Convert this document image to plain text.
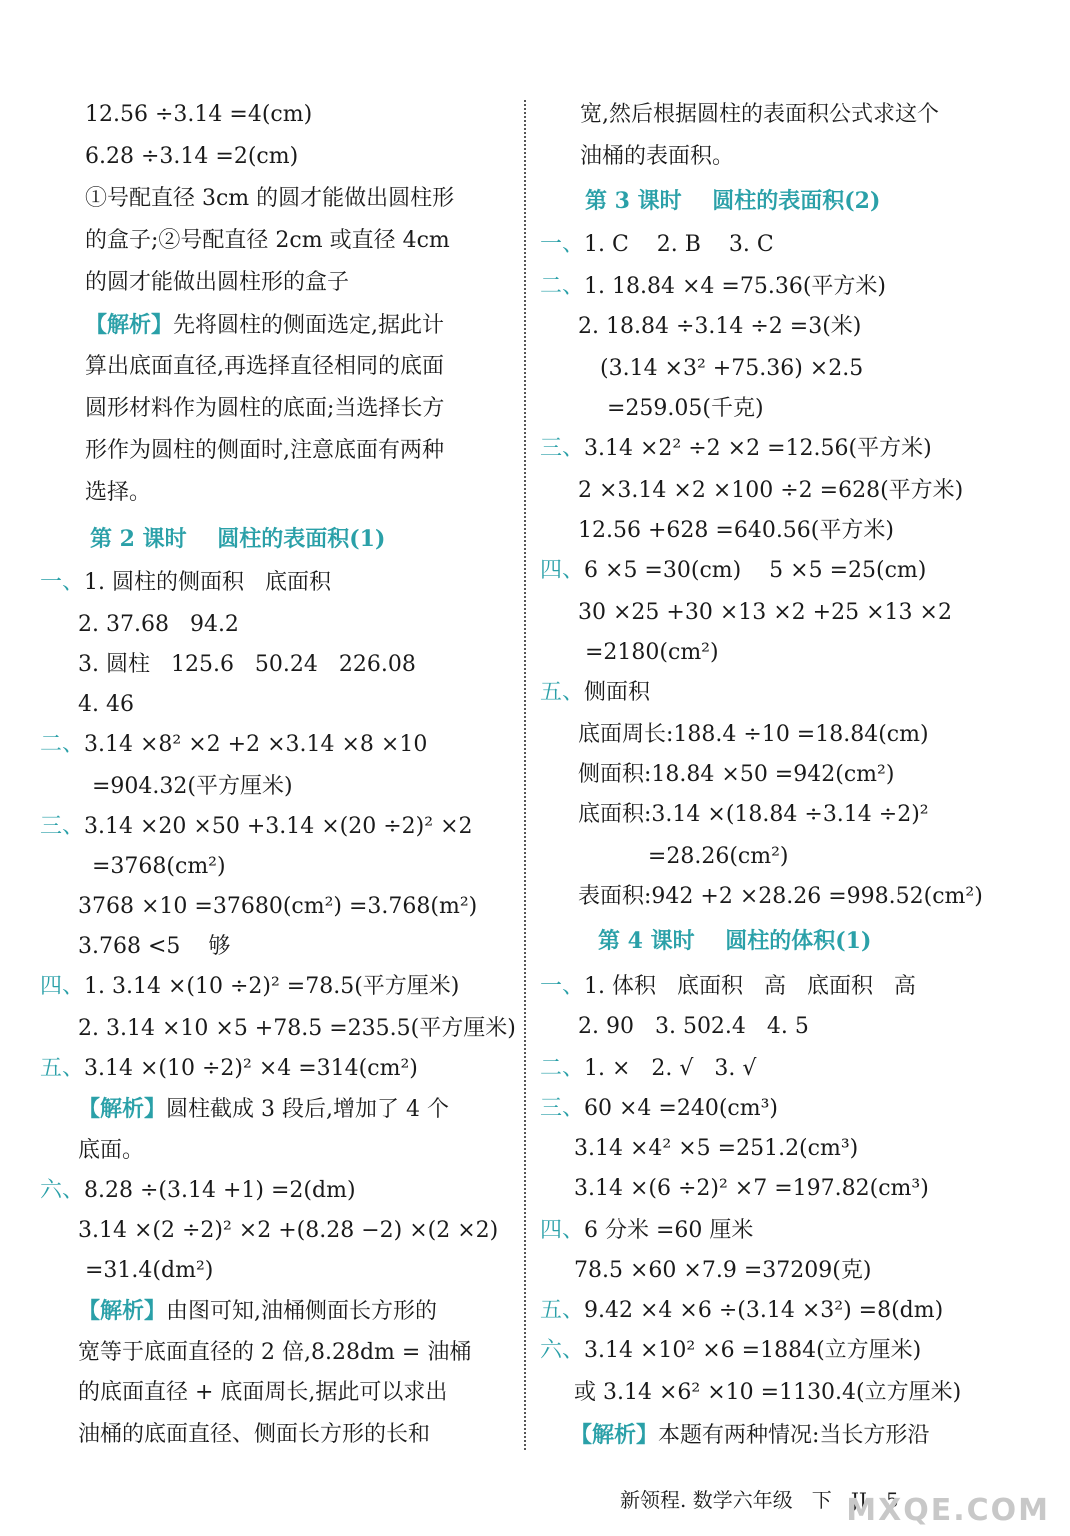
12.56 ÷3.14 =4(cm)
6.28 ÷3.14 =2(cm)
①号配直径 3cm 的圆才能做出圆柱形
的盒子;②号配直径 2cm 或直径 4cm
的圆才能做出圆柱形的盒子
【解析】先将圆柱的侧面选定,据此计
算出底面直径,再选择直径相同的底面
圆形材料作为圆柱的底面;当选择长方
形作为圆柱的侧面时,注意底面有两种
选择。
第 2 课时    圆柱的表面积(1)
一、1. 圆柱的侧面积   底面积
2. 37.68   94.2
3. 圆柱   125.6   50.24   226.08
4. 46
二、3.14 ×8² ×2 +2 ×3.14 ×8 ×10
=904.32(平方厘米)
三、3.14 ×20 ×50 +3.14 ×(20 ÷2)² ×2
=3768(cm²)
3768 ×10 =37680(cm²) =3.768(m²)
3.768 <5    够
四、1. 3.14 ×(10 ÷2)² =78.5(平方厘米)
2. 3.14 ×10 ×5 +78.5 =235.5(平方厘米)
五、3.14 ×(10 ÷2)² ×4 =314(cm²)
【解析】圆柱截成 3 段后,增加了 4 个
底面。
六、8.28 ÷(3.14 +1) =2(dm)
3.14 ×(2 ÷2)² ×2 +(8.28 −2) ×(2 ×2)
=31.4(dm²)
【解析】由图可知,油桶侧面长方形的
宽等于底面直径的 2 倍,8.28dm = 油桶
的底面直径 + 底面周长,据此可以求出
油桶的底面直径、侧面长方形的长和
宽,然后根据圆柱的表面积公式求这个
油桶的表面积。
第 3 课时    圆柱的表面积(2)
一、1. C    2. B    3. C
二、1. 18.84 ×4 =75.36(平方米)
2. 18.84 ÷3.14 ÷2 =3(米)
(3.14 ×3² +75.36) ×2.5
=259.05(千克)
三、3.14 ×2² ÷2 ×2 =12.56(平方米)
2 ×3.14 ×2 ×100 ÷2 =628(平方米)
12.56 +628 =640.56(平方米)
四、6 ×5 =30(cm)    5 ×5 =25(cm)
30 ×25 +30 ×13 ×2 +25 ×13 ×2
=2180(cm²)
五、侧面积
底面周长:188.4 ÷10 =18.84(cm)
侧面积:18.84 ×50 =942(cm²)
底面积:3.14 ×(18.84 ÷3.14 ÷2)²
=28.26(cm²)
表面积:942 +2 ×28.26 =998.52(cm²)
第 4 课时    圆柱的体积(1)
一、1. 体积   底面积   高   底面积   高
2. 90   3. 502.4   4. 5
二、1. ×   2. √   3. √
三、60 ×4 =240(cm³)
3.14 ×4² ×5 =251.2(cm³)
3.14 ×(6 ÷2)² ×7 =197.82(cm³)
四、6 分米 =60 厘米
78.5 ×60 ×7.9 =37209(克)
五、9.42 ×4 ×6 ÷(3.14 ×3²) =8(dm)
六、3.14 ×10² ×6 =1884(立方厘米)
或 3.14 ×6² ×10 =1130.4(立方厘米)
【解析】本题有两种情况:当长方形沿
新领程. 数学六年级   下   JJ   5
MXQE.COM
